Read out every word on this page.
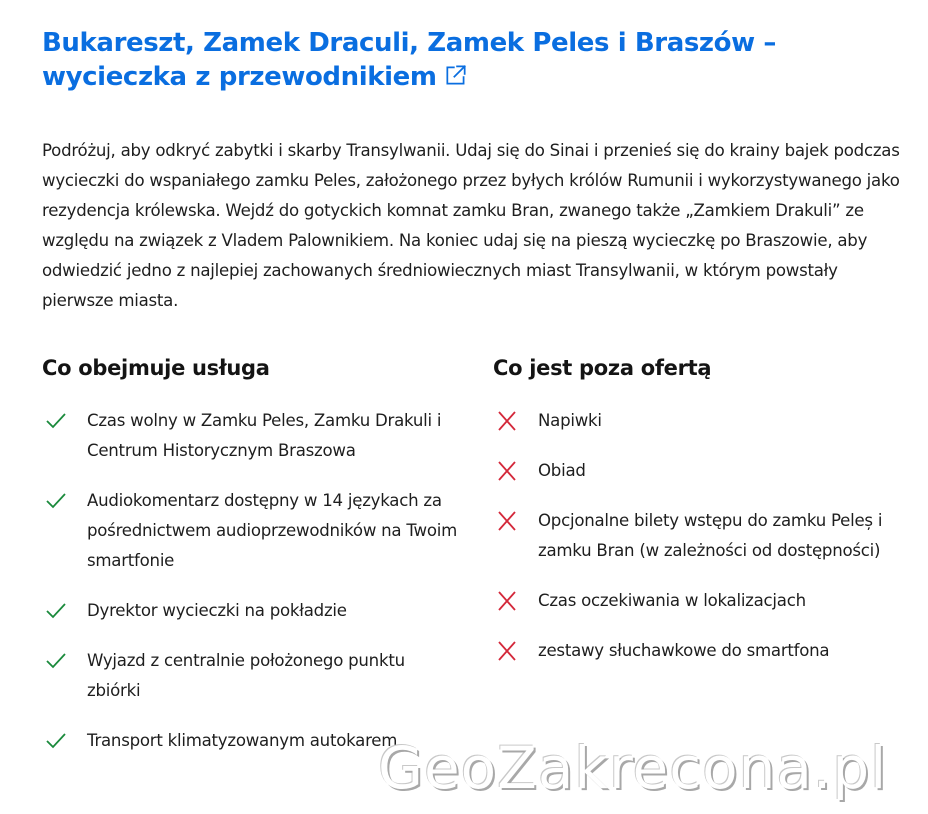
Bukareszt, Zamek Draculi, Zamek Peles i Braszów – wycieczka z przewodnikiem

Podróżuj, aby odkryć zabytki i skarby Transylwanii. Udaj się do Sinai i przenieś się do krainy bajek podczas wycieczki do wspaniałego zamku Peles, założonego przez byłych królów Rumunii i wykorzystywanego jako rezydencja królewska. Wejdź do gotyckich komnat zamku Bran, zwanego także „Zamkiem Drakuli” ze względu na związek z Vladem Palownikiem. Na koniec udaj się na pieszą wycieczkę po Braszowie, aby odwiedzić jedno z najlepiej zachowanych średniowiecznych miast Transylwanii, w którym powstały pierwsze miasta.

Co obejmuje usługa
Czas wolny w Zamku Peles, Zamku Drakuli i Centrum Historycznym Braszowa
Audiokomentarz dostępny w 14 językach za pośrednictwem audioprzewodników na Twoim smartfonie
Dyrektor wycieczki na pokładzie
Wyjazd z centralnie położonego punktu zbiórki
Transport klimatyzowanym autokarem
Co jest poza ofertą
Napiwki
Obiad
Opcjonalne bilety wstępu do zamku Peleș i zamku Bran (w zależności od dostępności)
Czas oczekiwania w lokalizacjach
zestawy słuchawkowe do smartfona
GeoZakrecona.pl
